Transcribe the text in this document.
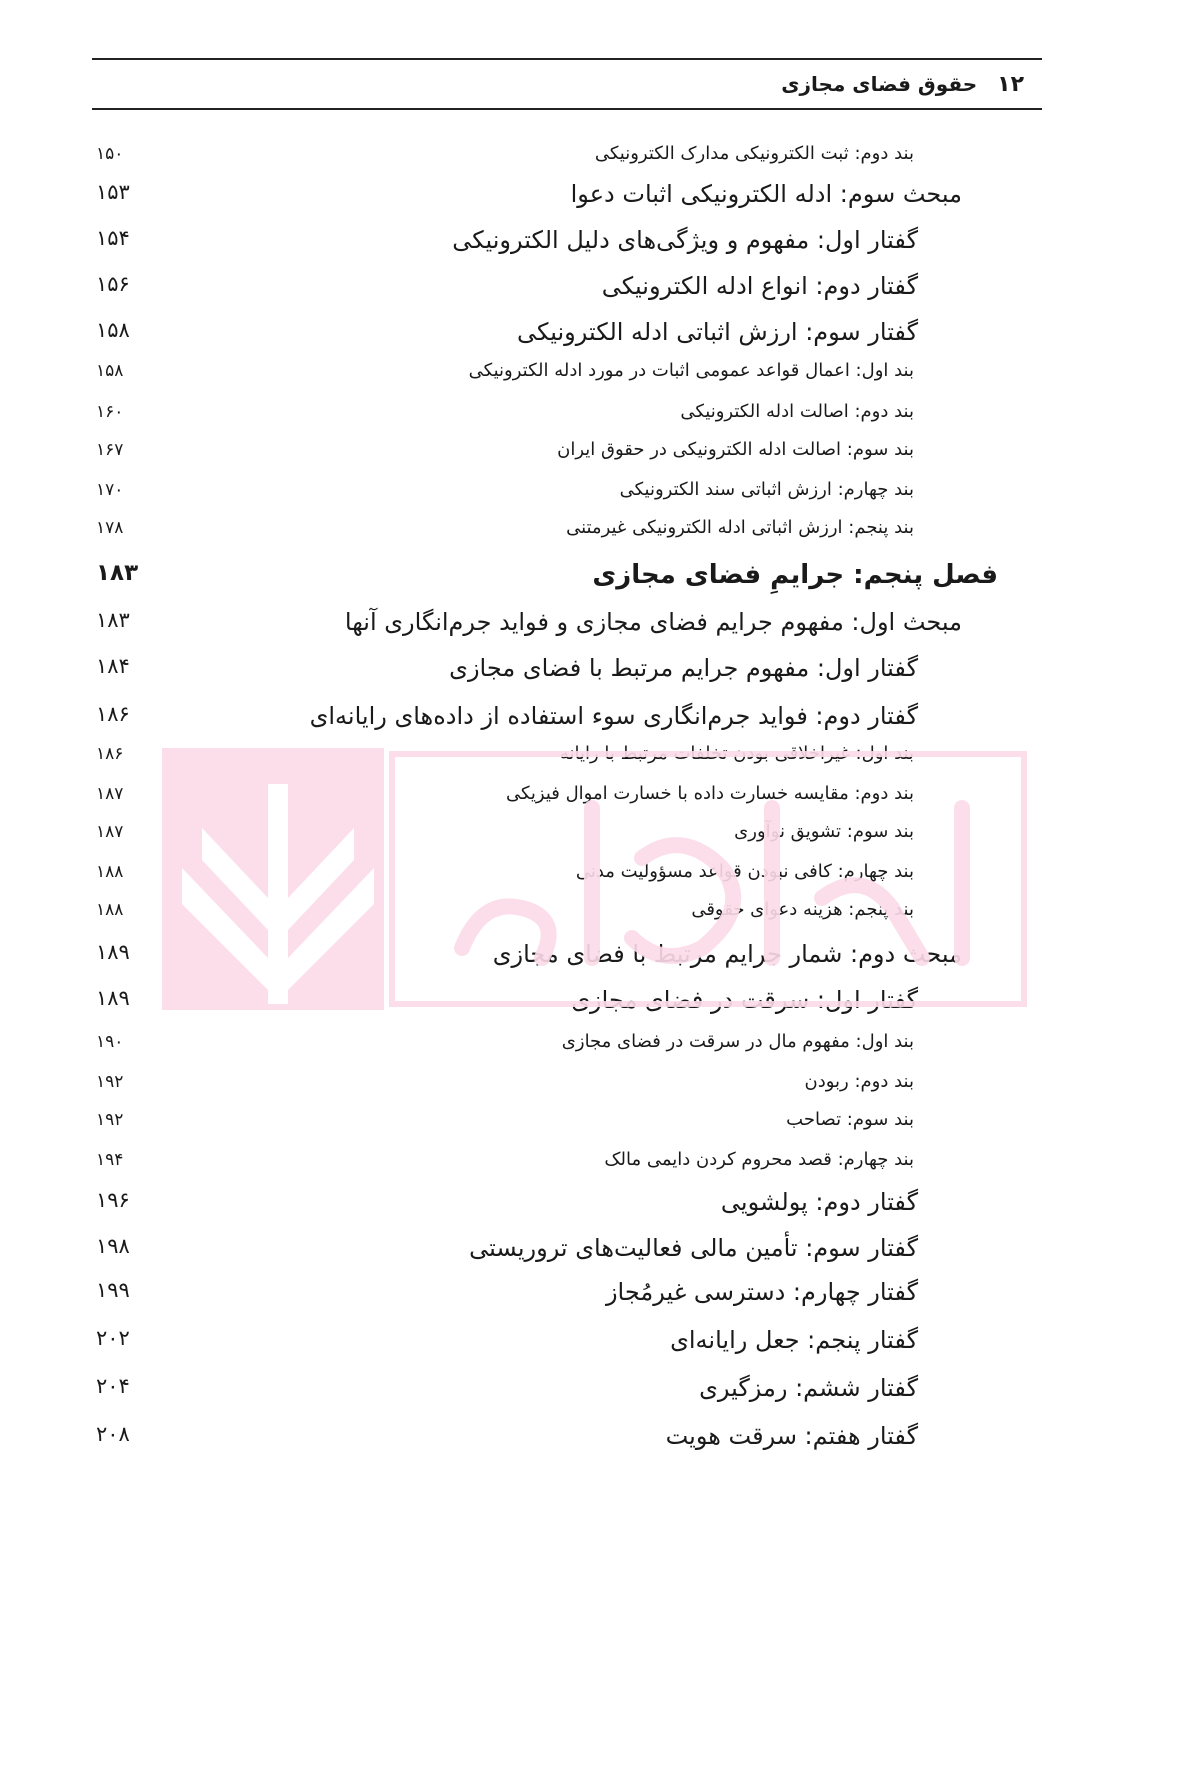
۱۲
حقوق فضای مجازی
بند دوم: ثبت الکترونیکی مدارک الکترونیکی
۱۵۰
مبحث سوم: ادله الکترونیکی اثبات دعوا
۱۵۳
گفتار اول: مفهوم و ویژگی‌های دلیل الکترونیکی
۱۵۴
گفتار دوم: انواع ادله الکترونیکی
۱۵۶
گفتار سوم: ارزش اثباتی ادله الکترونیکی
۱۵۸
بند اول: اعمال قواعد عمومی اثبات در مورد ادله الکترونیکی
۱۵۸
بند دوم: اصالت ادله الکترونیکی
۱۶۰
بند سوم: اصالت ادله الکترونیکی در حقوق ایران
۱۶۷
بند چهارم: ارزش اثباتی سند الکترونیکی
۱۷۰
بند پنجم: ارزش اثباتی ادله الکترونیکی غیرمتنی
۱۷۸
فصل پنجم: جرایمِ فضای مجازی
۱۸۳
مبحث اول: مفهوم جرایم فضای مجازی و فواید جرم‌انگاری آنها
۱۸۳
گفتار اول: مفهوم جرایم مرتبط با فضای مجازی
۱۸۴
گفتار دوم: فواید جرم‌انگاری سوء استفاده از داده‌های رایانه‌ای
۱۸۶
بند اول: غیراخلاقی بودن تخلفات مرتبط با رایانه
۱۸۶
بند دوم: مقایسه خسارت داده با خسارت اموال فیزیکی
۱۸۷
بند سوم: تشویق نوآوری
۱۸۷
بند چهارم: کافی نبودن قواعد مسؤولیت مدنی
۱۸۸
بند پنجم: هزینه دعوای حقوقی
۱۸۸
مبحث دوم: شمار جرایم مرتبط با فضای مجازی
۱۸۹
گفتار اول: سرقت در فضای مجازی
۱۸۹
بند اول: مفهوم مال در سرقت در فضای مجازی
۱۹۰
بند دوم: ربودن
۱۹۲
بند سوم: تصاحب
۱۹۲
بند چهارم: قصد محروم کردن دایمی مالک
۱۹۴
گفتار دوم: پولشویی
۱۹۶
گفتار سوم: تأمین مالی فعالیت‌های تروریستی
۱۹۸
گفتار چهارم: دسترسی غیرمُجاز
۱۹۹
گفتار پنجم: جعل رایانه‌ای
۲۰۲
گفتار ششم: رمزگیری
۲۰۴
گفتار هفتم: سرقت هویت
۲۰۸
